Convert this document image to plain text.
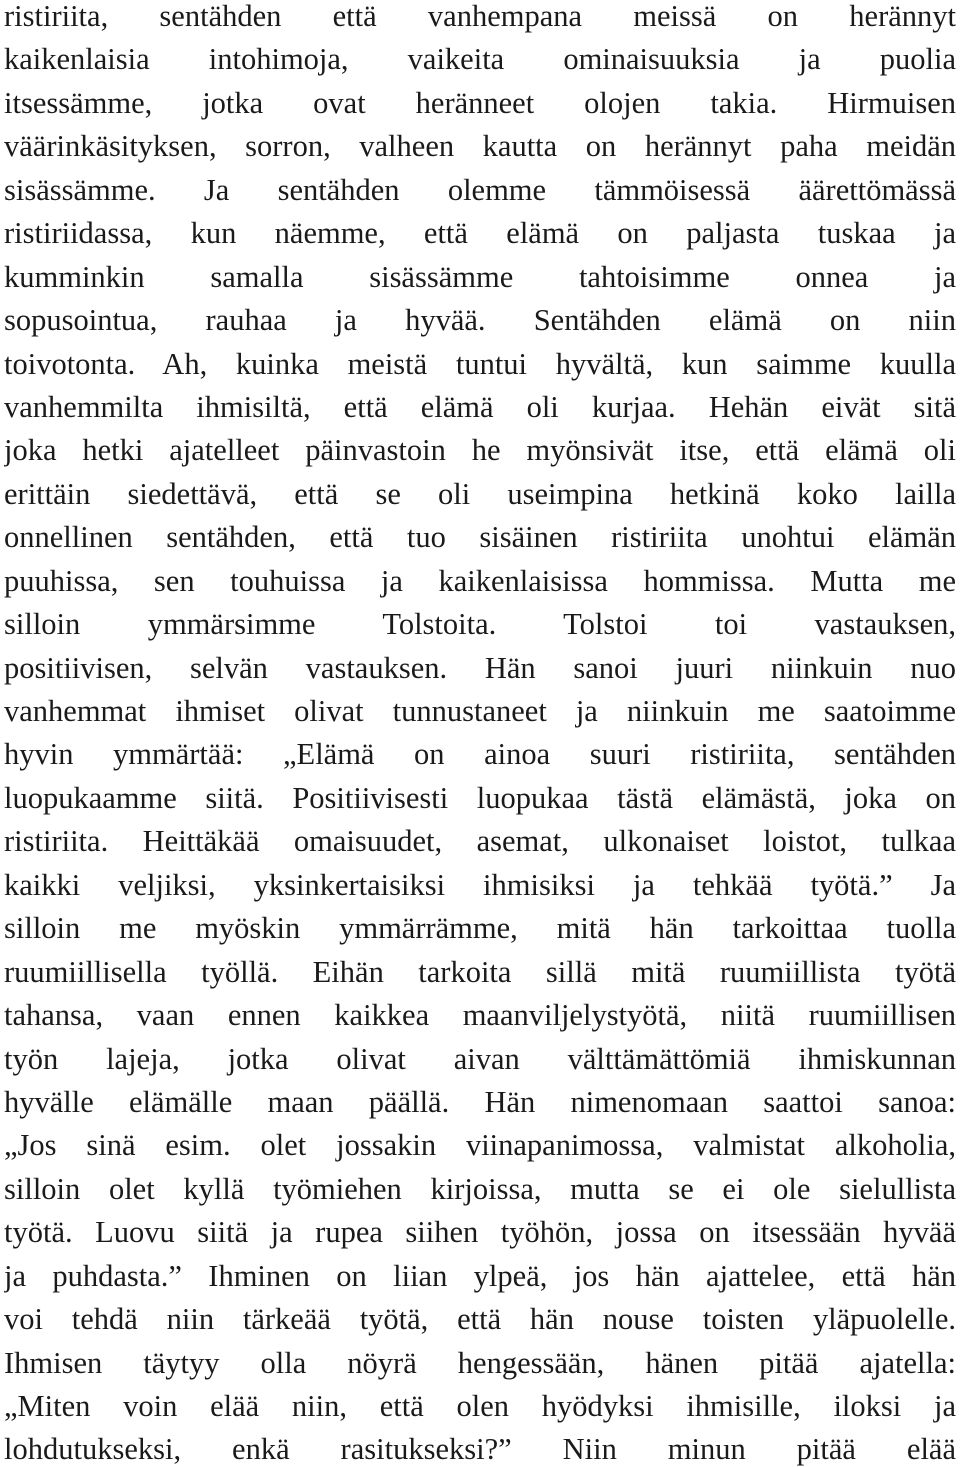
ristiriita, sentähden että vanhempana meissä on herännyt
kaikenlaisia intohimoja, vaikeita ominaisuuksia ja puolia
itsessämme, jotka ovat heränneet olojen takia. Hirmuisen
väärinkäsityksen, sorron, valheen kautta on herännyt paha meidän
sisässämme. Ja sentähden olemme tämmöisessä äärettömässä
ristiriidassa, kun näemme, että elämä on paljasta tuskaa ja
kumminkin samalla sisässämme tahtoisimme onnea ja
sopusointua, rauhaa ja hyvää. Sentähden elämä on niin
toivotonta. Ah, kuinka meistä tuntui hyvältä, kun saimme kuulla
vanhemmilta ihmisiltä, että elämä oli kurjaa. Hehän eivät sitä
joka hetki ajatelleet päinvastoin he myönsivät itse, että elämä oli
erittäin siedettävä, että se oli useimpina hetkinä koko lailla
onnellinen sentähden, että tuo sisäinen ristiriita unohtui elämän
puuhissa, sen touhuissa ja kaikenlaisissa hommissa. Mutta me
silloin ymmärsimme Tolstoita. Tolstoi toi vastauksen,
positiivisen, selvän vastauksen. Hän sanoi juuri niinkuin nuo
vanhemmat ihmiset olivat tunnustaneet ja niinkuin me saatoimme
hyvin ymmärtää: „Elämä on ainoa suuri ristiriita, sentähden
luopukaamme siitä. Positiivisesti luopukaa tästä elämästä, joka on
ristiriita. Heittäkää omaisuudet, asemat, ulkonaiset loistot, tulkaa
kaikki veljiksi, yksinkertaisiksi ihmisiksi ja tehkää työtä.” Ja
silloin me myöskin ymmärrämme, mitä hän tarkoittaa tuolla
ruumiillisella työllä. Eihän tarkoita sillä mitä ruumiillista työtä
tahansa, vaan ennen kaikkea maanviljelystyötä, niitä ruumiillisen
työn lajeja, jotka olivat aivan välttämättömiä ihmiskunnan
hyvälle elämälle maan päällä. Hän nimenomaan saattoi sanoa:
„Jos sinä esim. olet jossakin viinapanimossa, valmistat alkoholia,
silloin olet kyllä työmiehen kirjoissa, mutta se ei ole sielullista
työtä. Luovu siitä ja rupea siihen työhön, jossa on itsessään hyvää
ja puhdasta.” Ihminen on liian ylpeä, jos hän ajattelee, että hän
voi tehdä niin tärkeää työtä, että hän nouse toisten yläpuolelle.
Ihmisen täytyy olla nöyrä hengessään, hänen pitää ajatella:
„Miten voin elää niin, että olen hyödyksi ihmisille, iloksi ja
lohdutukseksi, enkä rasitukseksi?” Niin minun pitää elää
